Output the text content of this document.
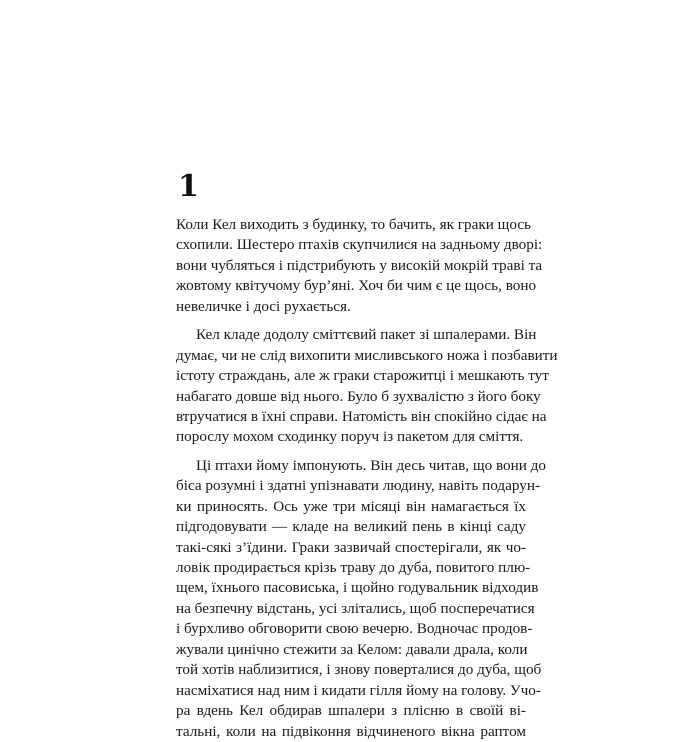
1
Коли Кел виходить з будинку, то бачить, як граки щось
схопили. Шестеро птахів скупчилися на задньому дворі:
вони чубляться і підстрибують у високій мокрій траві та
жовтому квітучому бур’яні. Хоч би чим є це щось, воно
невеличке і досі рухається.
Кел кладе додолу сміттєвий пакет зі шпалерами. Він
думає, чи не слід вихопити мисливського ножа і позбавити
істоту страждань, але ж граки старожитці і мешкають тут
набагато довше від нього. Було б зухвалістю з його боку
втручатися в їхні справи. Натомість він спокійно сідає на
порослу мохом сходинку поруч із пакетом для сміття.
Ці птахи йому імпонують. Він десь читав, що вони до
біса розумні і здатні упізнавати людину, навіть подарун-
ки приносять. Ось уже три місяці він намагається їх
підгодовувати — кладе на великий пень в кінці саду
такі-сякі з’їдини. Граки зазвичай спостерігали, як чо-
ловік продирається крізь траву до дуба, повитого плю-
щем, їхнього пасовиська, і щойно годувальник відходив
на безпечну відстань, усі злітались, щоб посперечатися
і бурхливо обговорити свою вечерю. Водночас продов-
жували цинічно стежити за Келом: давали драла, коли
той хотів наблизитися, і знову поверталися до дуба, щоб
насміхатися над ним і кидати гілля йому на голову. Учо-
ра вдень Кел обдирав шпалери з плісню в своїй ві-
тальні, коли на підвіконня відчиненого вікна раптом
